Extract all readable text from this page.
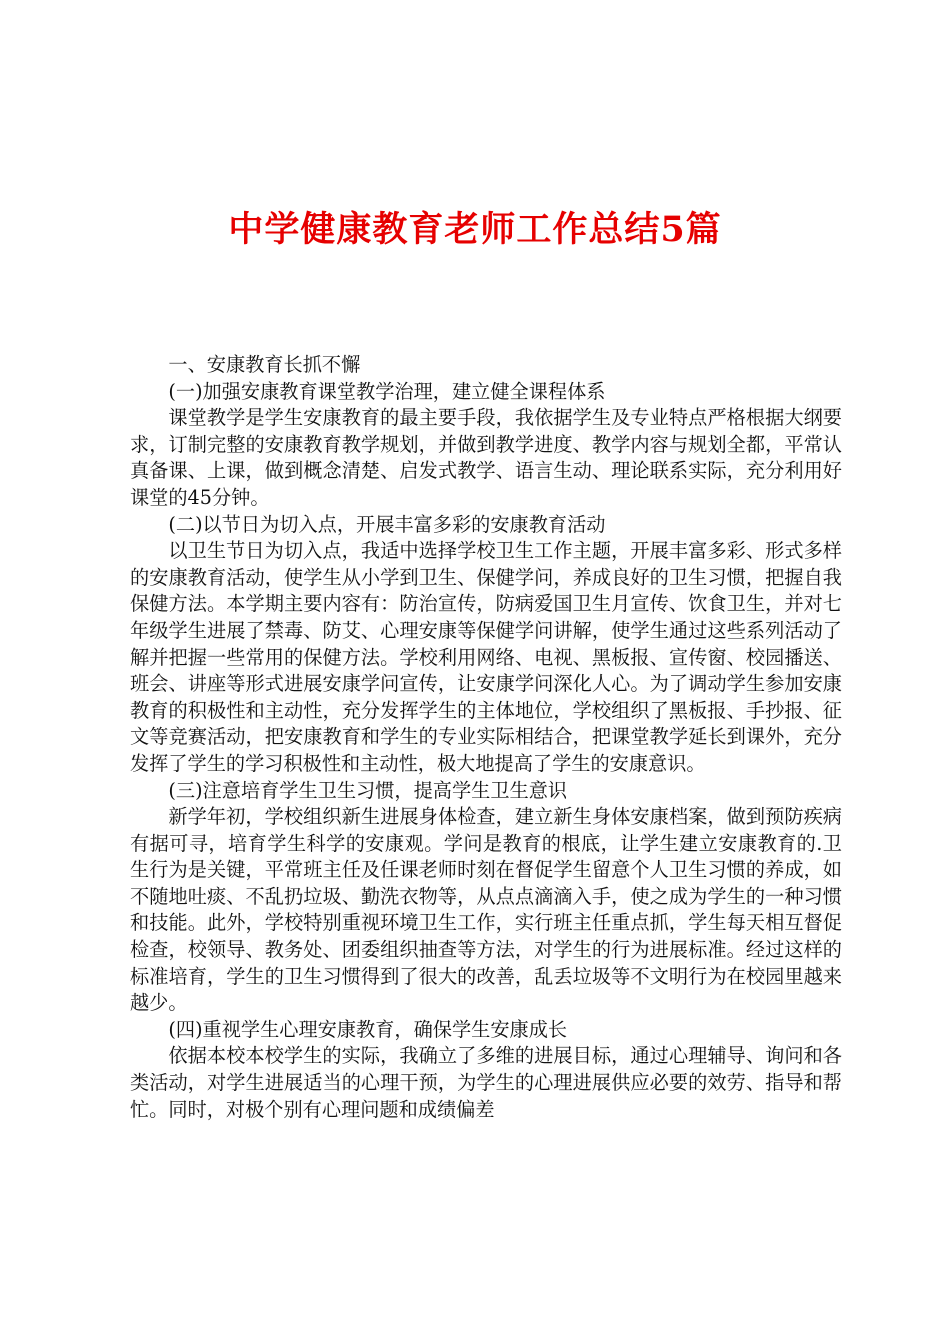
中学健康教育老师工作总结5篇

一、安康教育长抓不懈

(一)加强安康教育课堂教学治理，建立健全课程体系

课堂教学是学生安康教育的最主要手段，我依据学生及专业特点严格根据大纲要求，订制完整的安康教育教学规划，并做到教学进度、教学内容与规划全都，平常认真备课、上课，做到概念清楚、启发式教学、语言生动、理论联系实际，充分利用好课堂的45分钟。

(二)以节日为切入点，开展丰富多彩的安康教育活动

以卫生节日为切入点，我适中选择学校卫生工作主题，开展丰富多彩、形式多样的安康教育活动，使学生从小学到卫生、保健学问，养成良好的卫生习惯，把握自我保健方法。本学期主要内容有：防治宣传，防病爱国卫生月宣传、饮食卫生，并对七年级学生进展了禁毒、防艾、心理安康等保健学问讲解，使学生通过这些系列活动了解并把握一些常用的保健方法。学校利用网络、电视、黑板报、宣传窗、校园播送、班会、讲座等形式进展安康学问宣传，让安康学问深化人心。为了调动学生参加安康教育的积极性和主动性，充分发挥学生的主体地位，学校组织了黑板报、手抄报、征文等竞赛活动，把安康教育和学生的专业实际相结合，把课堂教学延长到课外，充分发挥了学生的学习积极性和主动性，极大地提高了学生的安康意识。

(三)注意培育学生卫生习惯，提高学生卫生意识

新学年初，学校组织新生进展身体检查，建立新生身体安康档案，做到预防疾病有据可寻，培育学生科学的安康观。学问是教育的根底，让学生建立安康教育的.卫生行为是关键，平常班主任及任课老师时刻在督促学生留意个人卫生习惯的养成，如不随地吐痰、不乱扔垃圾、勤洗衣物等，从点点滴滴入手，使之成为学生的一种习惯和技能。此外，学校特别重视环境卫生工作，实行班主任重点抓，学生每天相互督促检查，校领导、教务处、团委组织抽查等方法，对学生的行为进展标准。经过这样的标准培育，学生的卫生习惯得到了很大的改善，乱丢垃圾等不文明行为在校园里越来越少。

(四)重视学生心理安康教育，确保学生安康成长

依据本校本校学生的实际，我确立了多维的进展目标，通过心理辅导、询问和各类活动，对学生进展适当的心理干预，为学生的心理进展供应必要的效劳、指导和帮忙。同时，对极个别有心理问题和成绩偏差
